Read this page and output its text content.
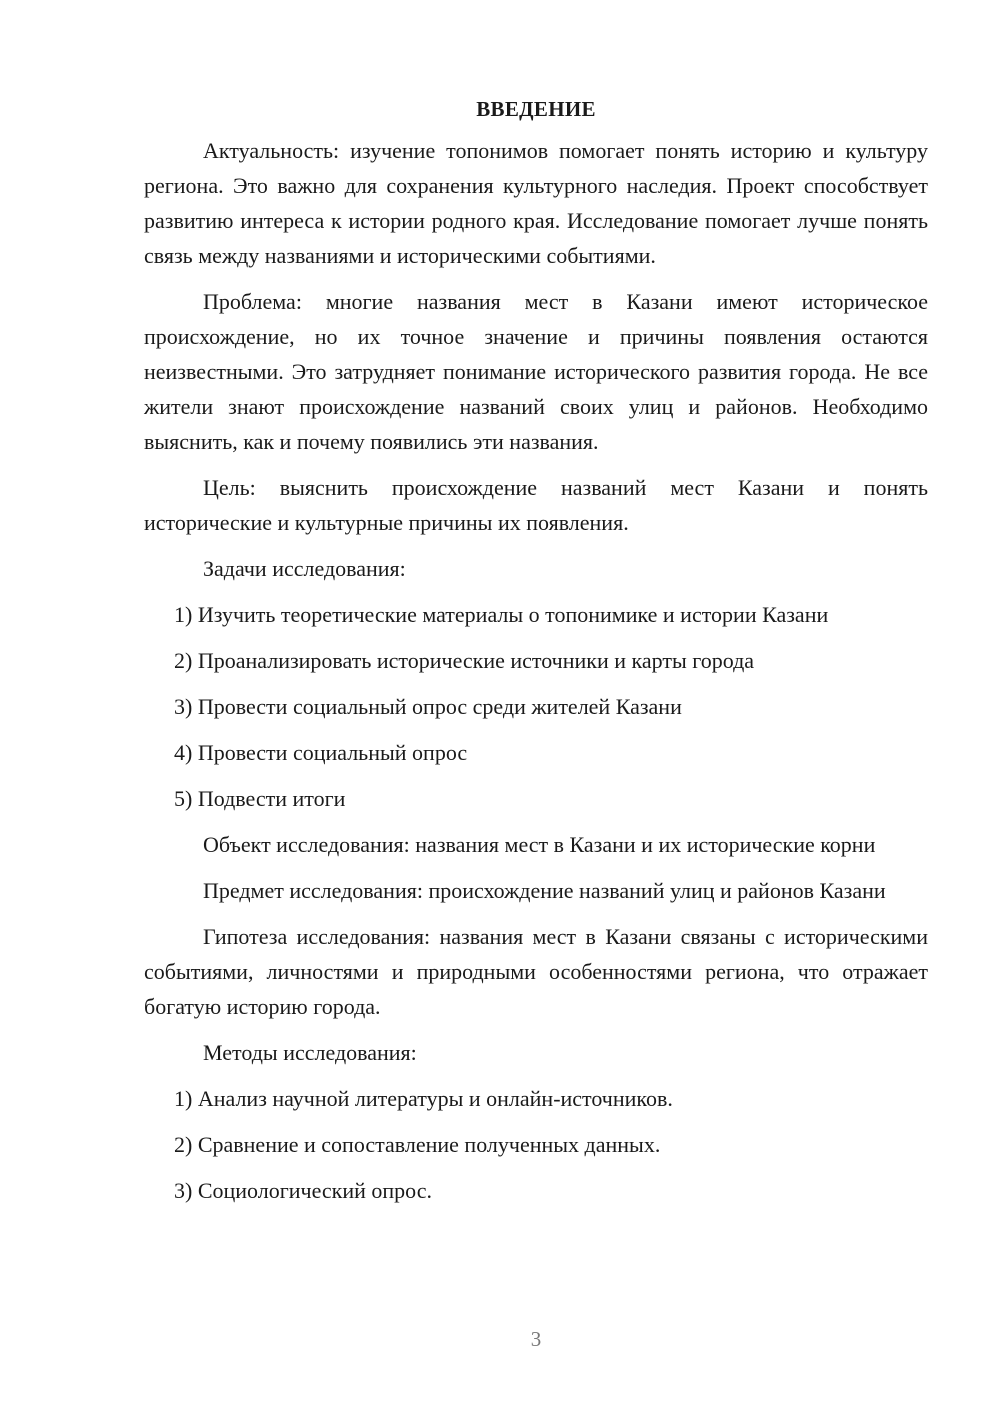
ВВЕДЕНИЕ

Актуальность: изучение топонимов помогает понять историю и культуру региона. Это важно для сохранения культурного наследия. Проект способствует развитию интереса к истории родного края. Исследование помогает лучше понять связь между названиями и историческими событиями.

Проблема: многие названия мест в Казани имеют историческое происхождение, но их точное значение и причины появления остаются неизвестными. Это затрудняет понимание исторического развития города. Не все жители знают происхождение названий своих улиц и районов. Необходимо выяснить, как и почему появились эти названия.

Цель: выяснить происхождение названий мест Казани и понять исторические и культурные причины их появления.

Задачи исследования:
1) Изучить теоретические материалы о топонимике и истории Казани
2) Проанализировать исторические источники и карты города
3) Провести социальный опрос среди жителей Казани
4) Провести социальный опрос
5) Подвести итоги

Объект исследования: названия мест в Казани и их исторические корни

Предмет исследования: происхождение названий улиц и районов Казани

Гипотеза исследования: названия мест в Казани связаны с историческими событиями, личностями и природными особенностями региона, что отражает богатую историю города.

Методы исследования:
1) Анализ научной литературы и онлайн-источников.
2) Сравнение и сопоставление полученных данных.
3) Социологический опрос.
3
